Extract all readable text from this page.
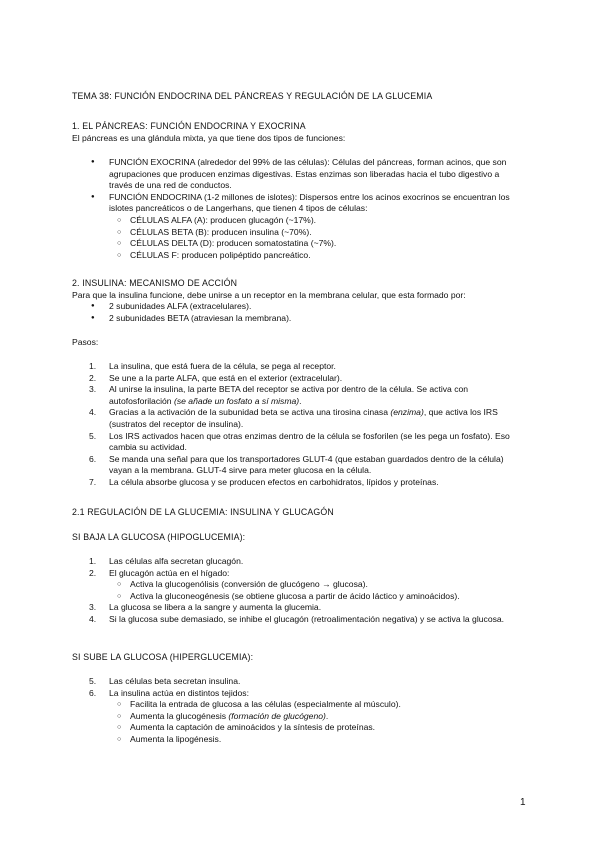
TEMA 38: FUNCIÓN ENDOCRINA DEL PÁNCREAS Y REGULACIÓN DE LA GLUCEMIA
1. EL PÁNCREAS: FUNCIÓN ENDOCRINA Y EXOCRINA

El páncreas es una glándula mixta, ya que tiene dos tipos de funciones:

● FUNCIÓN EXOCRINA (alrededor del 99% de las células): Células del páncreas, forman acinos, que son agrupaciones que producen enzimas digestivas. Estas enzimas son liberadas hacia el tubo digestivo a través de una red de conductos.
● FUNCIÓN ENDOCRINA (1-2 millones de islotes): Dispersos entre los acinos exocrinos se encuentran los islotes pancreáticos o de Langerhans, que tienen 4 tipos de células:
○ CÉLULAS ALFA (A): producen glucagón (~17%).
○ CÉLULAS BETA (B): producen insulina (~70%).
○ CÉLULAS DELTA (D): producen somatostatina (~7%).
○ CÉLULAS F: producen polipéptido pancreático.
2. INSULINA: MECANISMO DE ACCIÓN

Para que la insulina funcione, debe unirse a un receptor en la membrana celular, que esta formado por:

● 2 subunidades ALFA (extracelulares).
● 2 subunidades BETA (atraviesan la membrana).

Pasos:

1. La insulina, que está fuera de la célula, se pega al receptor.
2. Se une a la parte ALFA, que está en el exterior (extracelular).
3. Al unirse la insulina, la parte BETA del receptor se activa por dentro de la célula. Se activa con autofosforilación (se añade un fosfato a sí misma).
4. Gracias a la activación de la subunidad beta se activa una tirosina cinasa (enzima), que activa los IRS (sustratos del receptor de insulina).
5. Los IRS activados hacen que otras enzimas dentro de la célula se fosforilen (se les pega un fosfato). Eso cambia su actividad.
6. Se manda una señal para que los transportadores GLUT-4 (que estaban guardados dentro de la célula) vayan a la membrana. GLUT-4 sirve para meter glucosa en la célula.
7. La célula absorbe glucosa y se producen efectos en carbohidratos, lípidos y proteínas.
2.1 REGULACIÓN DE LA GLUCEMIA: INSULINA Y GLUCAGÓN
SI BAJA LA GLUCOSA (HIPOGLUCEMIA):
1. Las células alfa secretan glucagón.
2. El glucagón actúa en el hígado:
○ Activa la glucogenólisis (conversión de glucógeno → glucosa).
○ Activa la gluconeogénesis (se obtiene glucosa a partir de ácido láctico y aminoácidos).
3. La glucosa se libera a la sangre y aumenta la glucemia.
4. Si la glucosa sube demasiado, se inhibe el glucagón (retroalimentación negativa) y se activa la glucosa.
SI SUBE LA GLUCOSA (HIPERGLUCEMIA):
5. Las células beta secretan insulina.
6. La insulina actúa en distintos tejidos:
○ Facilita la entrada de glucosa a las células (especialmente al músculo).
○ Aumenta la glucogénesis (formación de glucógeno).
○ Aumenta la captación de aminoácidos y la síntesis de proteínas.
○ Aumenta la lipogénesis.
1
